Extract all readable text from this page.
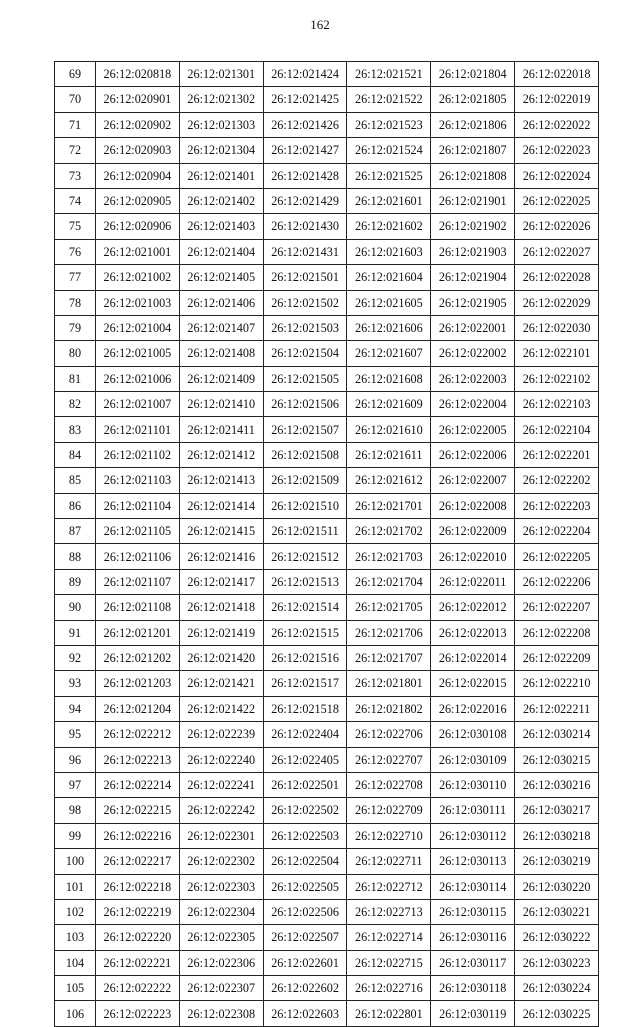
162
69	26:12:020818	26:12:021301	26:12:021424	26:12:021521	26:12:021804	26:12:022018
70	26:12:020901	26:12:021302	26:12:021425	26:12:021522	26:12:021805	26:12:022019
71	26:12:020902	26:12:021303	26:12:021426	26:12:021523	26:12:021806	26:12:022022
72	26:12:020903	26:12:021304	26:12:021427	26:12:021524	26:12:021807	26:12:022023
73	26:12:020904	26:12:021401	26:12:021428	26:12:021525	26:12:021808	26:12:022024
74	26:12:020905	26:12:021402	26:12:021429	26:12:021601	26:12:021901	26:12:022025
75	26:12:020906	26:12:021403	26:12:021430	26:12:021602	26:12:021902	26:12:022026
76	26:12:021001	26:12:021404	26:12:021431	26:12:021603	26:12:021903	26:12:022027
77	26:12:021002	26:12:021405	26:12:021501	26:12:021604	26:12:021904	26:12:022028
78	26:12:021003	26:12:021406	26:12:021502	26:12:021605	26:12:021905	26:12:022029
79	26:12:021004	26:12:021407	26:12:021503	26:12:021606	26:12:022001	26:12:022030
80	26:12:021005	26:12:021408	26:12:021504	26:12:021607	26:12:022002	26:12:022101
81	26:12:021006	26:12:021409	26:12:021505	26:12:021608	26:12:022003	26:12:022102
82	26:12:021007	26:12:021410	26:12:021506	26:12:021609	26:12:022004	26:12:022103
83	26:12:021101	26:12:021411	26:12:021507	26:12:021610	26:12:022005	26:12:022104
84	26:12:021102	26:12:021412	26:12:021508	26:12:021611	26:12:022006	26:12:022201
85	26:12:021103	26:12:021413	26:12:021509	26:12:021612	26:12:022007	26:12:022202
86	26:12:021104	26:12:021414	26:12:021510	26:12:021701	26:12:022008	26:12:022203
87	26:12:021105	26:12:021415	26:12:021511	26:12:021702	26:12:022009	26:12:022204
88	26:12:021106	26:12:021416	26:12:021512	26:12:021703	26:12:022010	26:12:022205
89	26:12:021107	26:12:021417	26:12:021513	26:12:021704	26:12:022011	26:12:022206
90	26:12:021108	26:12:021418	26:12:021514	26:12:021705	26:12:022012	26:12:022207
91	26:12:021201	26:12:021419	26:12:021515	26:12:021706	26:12:022013	26:12:022208
92	26:12:021202	26:12:021420	26:12:021516	26:12:021707	26:12:022014	26:12:022209
93	26:12:021203	26:12:021421	26:12:021517	26:12:021801	26:12:022015	26:12:022210
94	26:12:021204	26:12:021422	26:12:021518	26:12:021802	26:12:022016	26:12:022211
95	26:12:022212	26:12:022239	26:12:022404	26:12:022706	26:12:030108	26:12:030214
96	26:12:022213	26:12:022240	26:12:022405	26:12:022707	26:12:030109	26:12:030215
97	26:12:022214	26:12:022241	26:12:022501	26:12:022708	26:12:030110	26:12:030216
98	26:12:022215	26:12:022242	26:12:022502	26:12:022709	26:12:030111	26:12:030217
99	26:12:022216	26:12:022301	26:12:022503	26:12:022710	26:12:030112	26:12:030218
100	26:12:022217	26:12:022302	26:12:022504	26:12:022711	26:12:030113	26:12:030219
101	26:12:022218	26:12:022303	26:12:022505	26:12:022712	26:12:030114	26:12:030220
102	26:12:022219	26:12:022304	26:12:022506	26:12:022713	26:12:030115	26:12:030221
103	26:12:022220	26:12:022305	26:12:022507	26:12:022714	26:12:030116	26:12:030222
104	26:12:022221	26:12:022306	26:12:022601	26:12:022715	26:12:030117	26:12:030223
105	26:12:022222	26:12:022307	26:12:022602	26:12:022716	26:12:030118	26:12:030224
106	26:12:022223	26:12:022308	26:12:022603	26:12:022801	26:12:030119	26:12:030225
